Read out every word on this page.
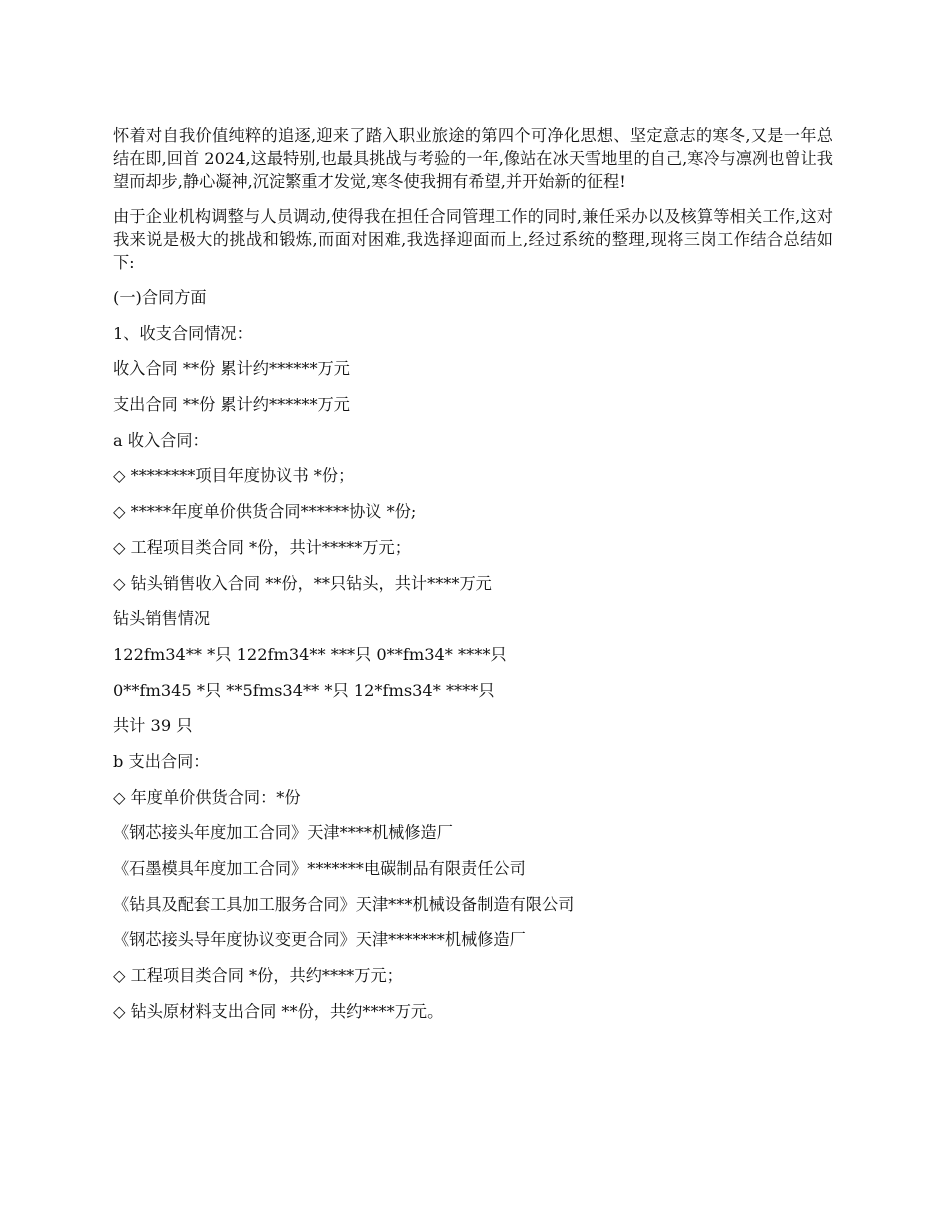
怀着对自我价值纯粹的追逐,迎来了踏入职业旅途的第四个可净化思想、坚定意志的寒冬,又是一年总结在即,回首 2024,这最特别,也最具挑战与考验的一年,像站在冰天雪地里的自己,寒冷与凛冽也曾让我望而却步,静心凝神,沉淀繁重才发觉,寒冬使我拥有希望,并开始新的征程!

由于企业机构调整与人员调动,使得我在担任合同管理工作的同时,兼任采办以及核算等相关工作,这对我来说是极大的挑战和锻炼,而面对困难,我选择迎面而上,经过系统的整理,现将三岗工作结合总结如下:

(一)合同方面

1、收支合同情况：

收入合同 **份 累计约******万元

支出合同 **份 累计约******万元

a 收入合同：

◇ ********项目年度协议书 *份；

◇ *****年度单价供货合同******协议 *份;

◇ 工程项目类合同 *份，共计*****万元；

◇ 钻头销售收入合同 **份，**只钻头，共计****万元

钻头销售情况

122fm34** *只 122fm34** ***只 0**fm34* ****只

0**fm345 *只 **5fms34** *只 12*fms34* ****只

共计 39 只

b 支出合同：

◇ 年度单价供货合同：*份

《钢芯接头年度加工合同》天津****机械修造厂

《石墨模具年度加工合同》*******电碳制品有限责任公司

《钻具及配套工具加工服务合同》天津***机械设备制造有限公司

《钢芯接头导年度协议变更合同》天津*******机械修造厂

◇ 工程项目类合同 *份，共约****万元；

◇ 钻头原材料支出合同 **份，共约****万元。
